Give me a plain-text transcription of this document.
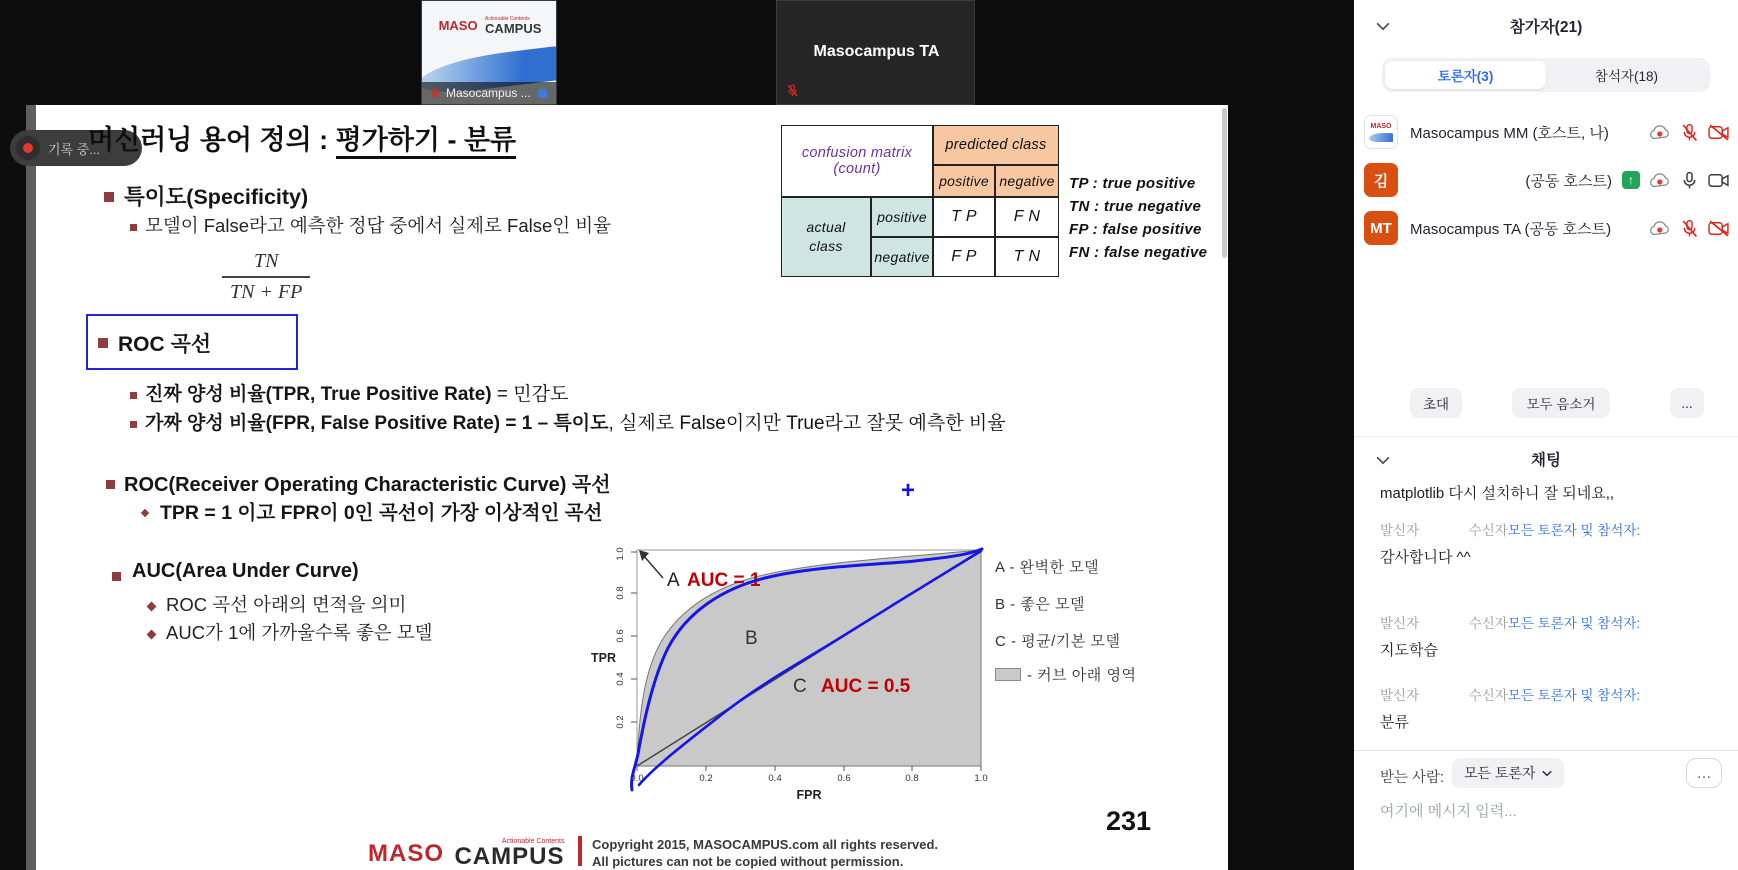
MASO Actionable Contents
CAMPUS
Masocampus ...
Masocampus TA
기록 중...
머신러닝 용어 정의 : 평가하기 - 분류
특이도(Specificity)
모델이 False라고 예측한 정답 중에서 실제로 False인 비율
$\frac{TN}{TN + FP}$
ROC 곡선
진짜 양성 비율(TPR, True Positive Rate) = 민감도
가짜 양성 비율(FPR, False Positive Rate) = 1 – 특이도, 실제로 False이지만 True라고 잘못 예측한 비율
ROC(Receiver Operating Characteristic Curve) 곡선
TPR = 1 이고 FPR이 0인 곡선이 가장 이상적인 곡선
AUC(Area Under Curve)
ROC 곡선 아래의 면적을 의미
AUC가 1에 가까울수록 좋은 모델
+
confusion matrix (count)
predicted class
positive negative
actual
class
positive	T P	F N
negative	F P	T N
TP : true positive
TN : true negative
FP : false positive
FN : false negative
0.2
0.4
0.6
0.8
1.0
0.0	0.2	0.4	0.6	0.8	1.0
TPR
FPR
A AUC = 1
B
C AUC = 0.5
A - 완벽한 모델
B - 좋은 모델
C - 평균/기본 모델
- 커브 아래 영역
231
MASO	Actionable Contents
CAMPUS Copyright 2015, MASOCAMPUS.com all rights reserved.
All pictures can not be copied without permission.
참가자(21)
토론자(3)	참석자(18)
MASO Masocampus MM (호스트, 나)
김	(공동 호스트) ↑
MT Masocampus TA (공동 호스트)
초대	모두 음소거	...
채팅
matplotlib 다시 설치하니 잘 되네요,,
발신자	수신자모든 토론자 및 참석자:
감사합니다 ^^
발신자	수신자모든 토론자 및 참석자:
지도학습
발신자	수신자모든 토론자 및 참석자:
분류
받는 사람: 모든 토론자	…
여기에 메시지 입력...
